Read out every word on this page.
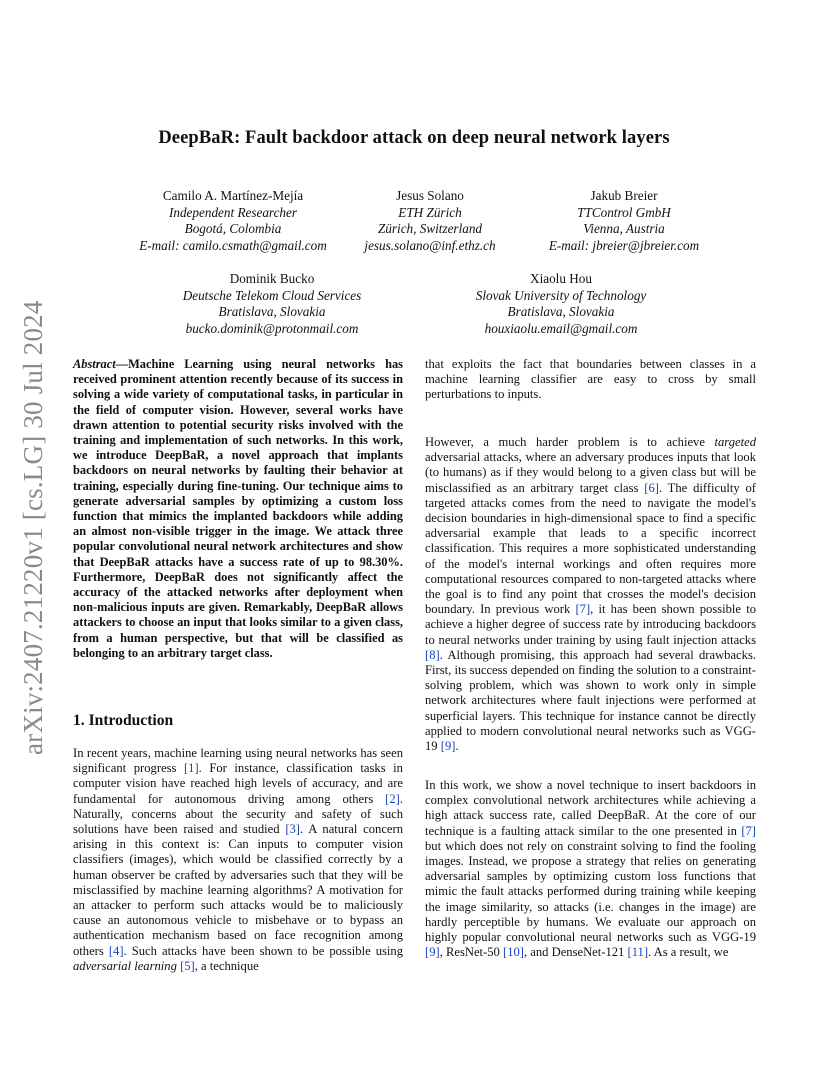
arXiv:2407.21220v1 [cs.LG] 30 Jul 2024
DeepBaR: Fault backdoor attack on deep neural network layers
Camilo A. Martínez-Mejía
Independent Researcher
Bogotá, Colombia
E-mail: camilo.csmath@gmail.com
Jesus Solano
ETH Zürich
Zürich, Switzerland
jesus.solano@inf.ethz.ch
Jakub Breier
TTControl GmbH
Vienna, Austria
E-mail: jbreier@jbreier.com
Dominik Bucko
Deutsche Telekom Cloud Services
Bratislava, Slovakia
bucko.dominik@protonmail.com
Xiaolu Hou
Slovak University of Technology
Bratislava, Slovakia
houxiaolu.email@gmail.com
Abstract—Machine Learning using neural networks has received prominent attention recently because of its success in solving a wide variety of computational tasks, in particular in the field of computer vision. However, several works have drawn attention to potential security risks involved with the training and implementation of such networks. In this work, we introduce DeepBaR, a novel approach that implants backdoors on neural networks by faulting their behavior at training, especially during fine-tuning. Our technique aims to generate adversarial samples by optimizing a custom loss function that mimics the implanted backdoors while adding an almost non-visible trigger in the image. We attack three popular convolutional neural network architectures and show that DeepBaR attacks have a success rate of up to 98.30%. Furthermore, DeepBaR does not significantly affect the accuracy of the attacked networks after deployment when non-malicious inputs are given. Remarkably, DeepBaR allows attackers to choose an input that looks similar to a given class, from a human perspective, but that will be classified as belonging to an arbitrary target class.
1. Introduction
In recent years, machine learning using neural networks has seen significant progress [1]. For instance, classification tasks in computer vision have reached high levels of accuracy, and are fundamental for autonomous driving among others [2]. Naturally, concerns about the security and safety of such solutions have been raised and studied [3]. A natural concern arising in this context is: Can inputs to computer vision classifiers (images), which would be classified correctly by a human observer be crafted by adversaries such that they will be misclassified by machine learning algorithms? A motivation for an attacker to perform such attacks would be to maliciously cause an autonomous vehicle to misbehave or to bypass an authentication mechanism based on face recognition among others [4]. Such attacks have been shown to be possible using adversarial learning [5], a technique
that exploits the fact that boundaries between classes in a machine learning classifier are easy to cross by small perturbations to inputs.
However, a much harder problem is to achieve targeted adversarial attacks, where an adversary produces inputs that look (to humans) as if they would belong to a given class but will be misclassified as an arbitrary target class [6]. The difficulty of targeted attacks comes from the need to navigate the model's decision boundaries in high-dimensional space to find a specific adversarial example that leads to a specific incorrect classification. This requires a more sophisticated understanding of the model's internal workings and often requires more computational resources compared to non-targeted attacks where the goal is to find any point that crosses the model's decision boundary. In previous work [7], it has been shown possible to achieve a higher degree of success rate by introducing backdoors to neural networks under training by using fault injection attacks [8]. Although promising, this approach had several drawbacks. First, its success depended on finding the solution to a constraint-solving problem, which was shown to work only in simple network architectures where fault injections were performed at superficial layers. This technique for instance cannot be directly applied to modern convolutional neural networks such as VGG-19 [9].
In this work, we show a novel technique to insert backdoors in complex convolutional network architectures while achieving a high attack success rate, called DeepBaR. At the core of our technique is a faulting attack similar to the one presented in [7] but which does not rely on constraint solving to find the fooling images. Instead, we propose a strategy that relies on generating adversarial samples by optimizing custom loss functions that mimic the fault attacks performed during training while keeping the image similarity, so attacks (i.e. changes in the image) are hardly perceptible by humans. We evaluate our approach on highly popular convolutional neural networks such as VGG-19 [9], ResNet-50 [10], and DenseNet-121 [11]. As a result, we
